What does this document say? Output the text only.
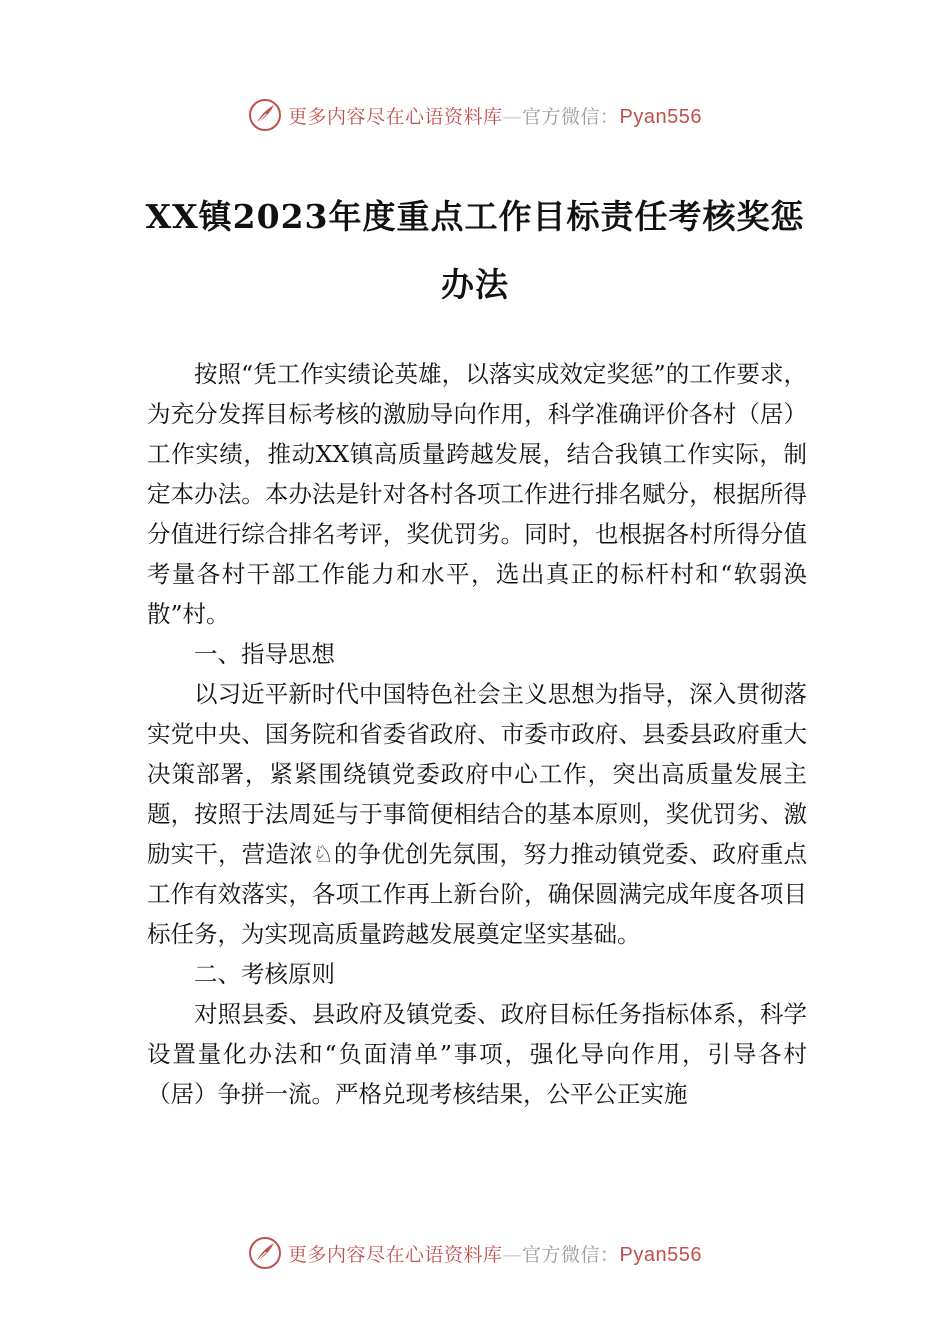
更多内容尽在心语资料库—官方微信：Pyan556
XX镇2023年度重点工作目标责任考核奖惩办法

按照“凭工作实绩论英雄，以落实成效定奖惩”的工作要求，为充分发挥目标考核的激励导向作用，科学准确评价各村（居）工作实绩，推动XX镇高质量跨越发展，结合我镇工作实际，制定本办法。本办法是针对各村各项工作进行排名赋分，根据所得分值进行综合排名考评，奖优罚劣。同时，也根据各村所得分值考量各村干部工作能力和水平，选出真正的标杆村和“软弱涣散”村。

一、指导思想

以习近平新时代中国特色社会主义思想为指导，深入贯彻落实党中央、国务院和省委省政府、市委市政府、县委县政府重大决策部署，紧紧围绕镇党委政府中心工作，突出高质量发展主题，按照于法周延与于事简便相结合的基本原则，奖优罚劣、激励实干，营造浓♘的争优创先氛围，努力推动镇党委、政府重点工作有效落实，各项工作再上新台阶，确保圆满完成年度各项目标任务，为实现高质量跨越发展奠定坚实基础。

二、考核原则

对照县委、县政府及镇党委、政府目标任务指标体系，科学设置量化办法和“负面清单”事项，强化导向作用，引导各村（居）争拼一流。严格兑现考核结果，公平公正实施

更多内容尽在心语资料库—官方微信：Pyan556
